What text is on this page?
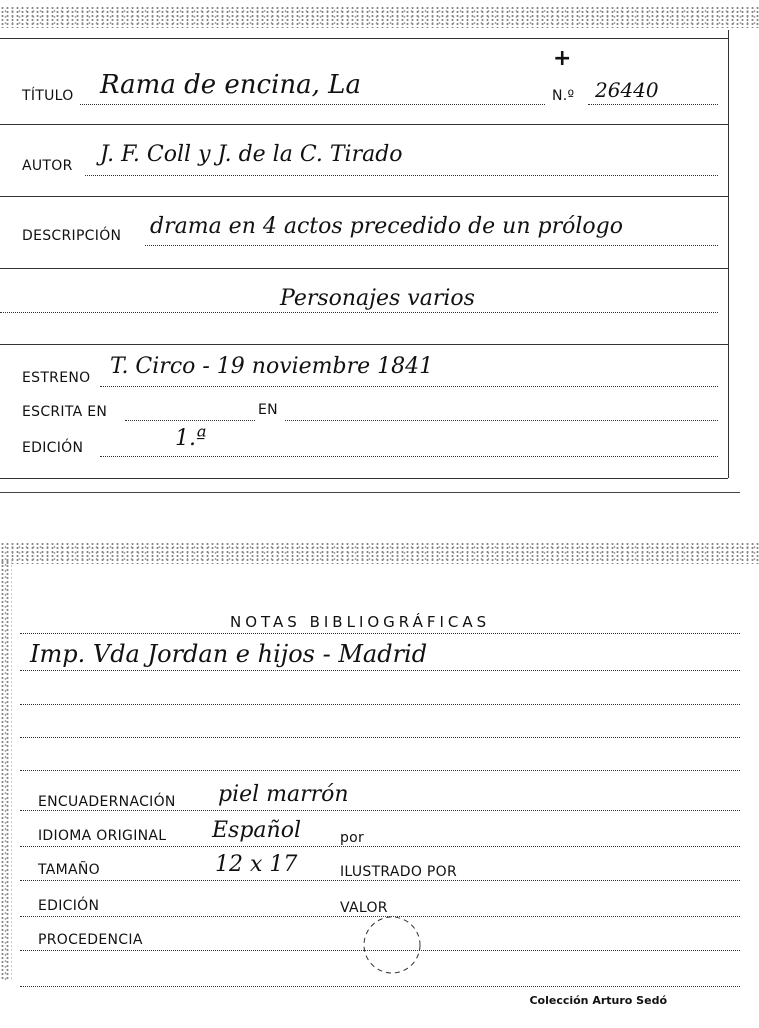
TÍTULO Rama de encina, La
+
N.º 26440
AUTOR J. F. Coll y J. de la C. Tirado
DESCRIPCIÓN drama en 4 actos precedido de un prólogo
Personajes varios
ESTRENO T. Circo - 19 noviembre 1841
ESCRITA EN	EN
EDICIÓN	1.ª
NOTAS BIBLIOGRÁFICAS
Imp. Vda Jordan e hijos - Madrid
ENCUADERNACIÓN piel marrón
IDIOMA ORIGINAL Español	por
TAMAÑO	12 x 17	ILUSTRADO POR
EDICIÓN	VALOR
PROCEDENCIA
Colección Arturo Sedó
